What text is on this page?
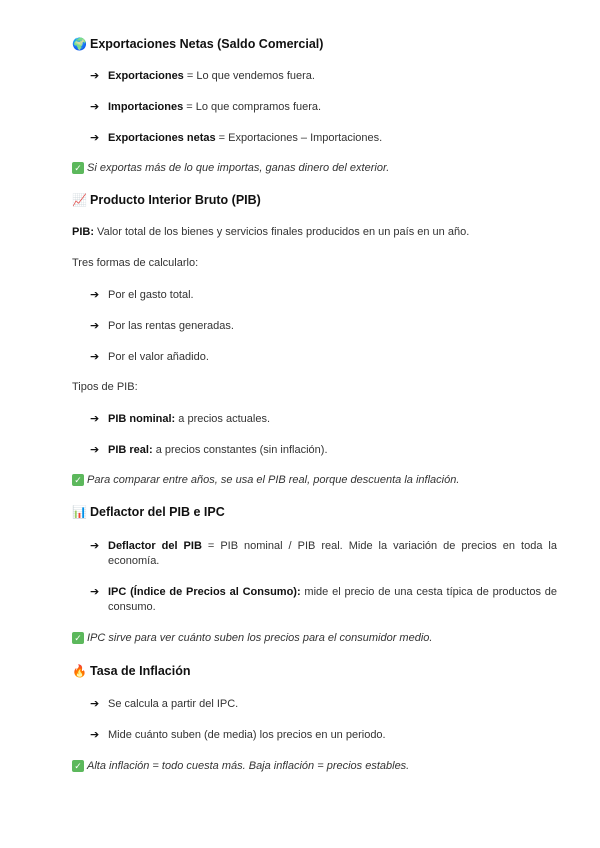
🌍 Exportaciones Netas (Saldo Comercial)
➔ Exportaciones = Lo que vendemos fuera.
➔ Importaciones = Lo que compramos fuera.
➔ Exportaciones netas = Exportaciones – Importaciones.
✓ Si exportas más de lo que importas, ganas dinero del exterior.
📈 Producto Interior Bruto (PIB)
PIB: Valor total de los bienes y servicios finales producidos en un país en un año.
Tres formas de calcularlo:
➔ Por el gasto total.
➔ Por las rentas generadas.
➔ Por el valor añadido.
Tipos de PIB:
➔ PIB nominal: a precios actuales.
➔ PIB real: a precios constantes (sin inflación).
✓ Para comparar entre años, se usa el PIB real, porque descuenta la inflación.
📊 Deflactor del PIB e IPC
➔ Deflactor del PIB = PIB nominal / PIB real. Mide la variación de precios en toda la economía.
➔ IPC (Índice de Precios al Consumo): mide el precio de una cesta típica de productos de consumo.
✓ IPC sirve para ver cuánto suben los precios para el consumidor medio.
🔥 Tasa de Inflación
➔ Se calcula a partir del IPC.
➔ Mide cuánto suben (de media) los precios en un periodo.
✓ Alta inflación = todo cuesta más. Baja inflación = precios estables.
